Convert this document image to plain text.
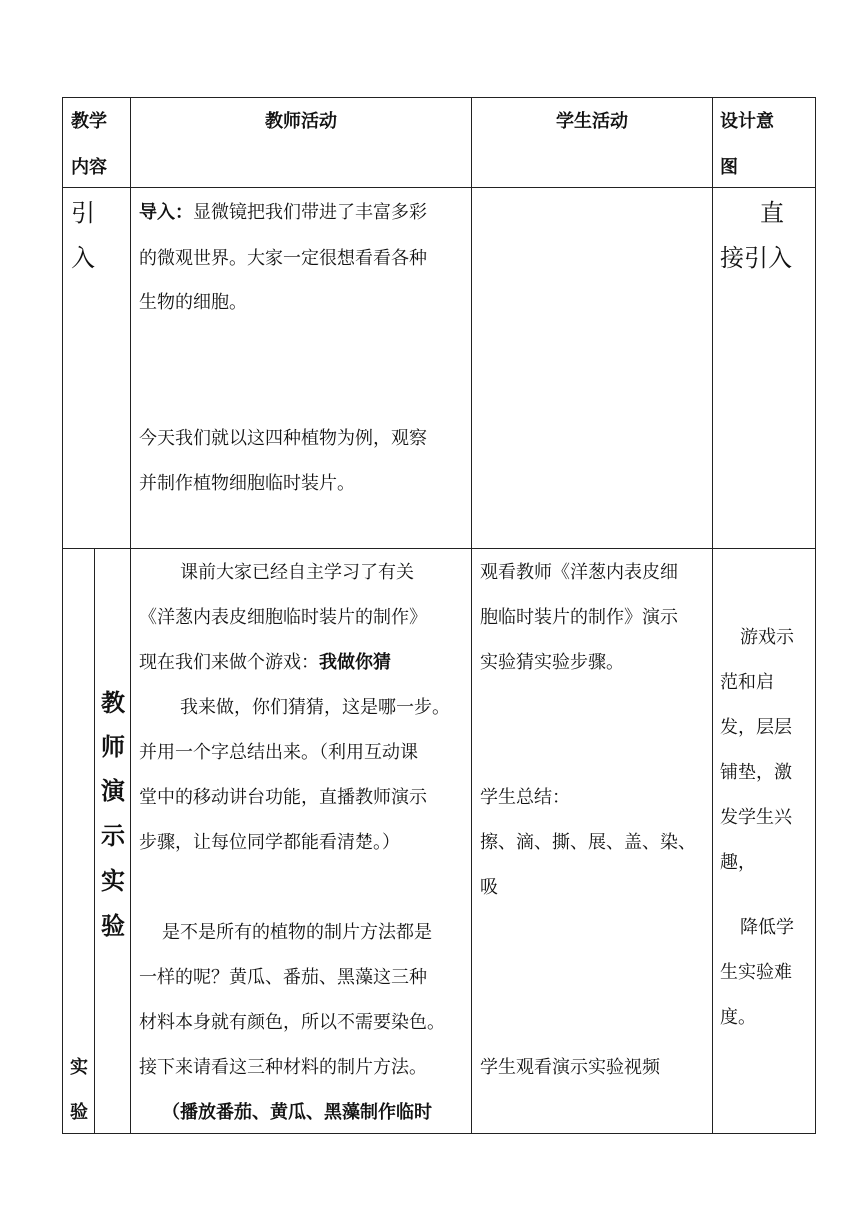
教学
内容
教师活动	学生活动	设计意
图
引
入
导入：显微镜把我们带进了丰富多彩
的微观世界。大家一定很想看看各种
生物的细胞。
今天我们就以这四种植物为例，观察
并制作植物细胞临时装片。
直
接引入
教
师
演
示
实
验
实
验
课前大家已经自主学习了有关
《洋葱内表皮细胞临时装片的制作》
现在我们来做个游戏：我做你猜
我来做，你们猜猜，这是哪一步。
并用一个字总结出来。（利用互动课
堂中的移动讲台功能，直播教师演示
步骤，让每位同学都能看清楚。）
是不是所有的植物的制片方法都是
一样的呢？黄瓜、番茄、黑藻这三种
材料本身就有颜色，所以不需要染色。
接下来请看这三种材料的制片方法。
（播放番茄、黄瓜、黑藻制作临时
观看教师《洋葱内表皮细
胞临时装片的制作》演示
实验猜实验步骤。
学生总结：
擦、滴、撕、展、盖、染、
吸
学生观看演示实验视频
游戏示
范和启
发，层层
铺垫，激
发学生兴
趣，
降低学
生实验难
度。
